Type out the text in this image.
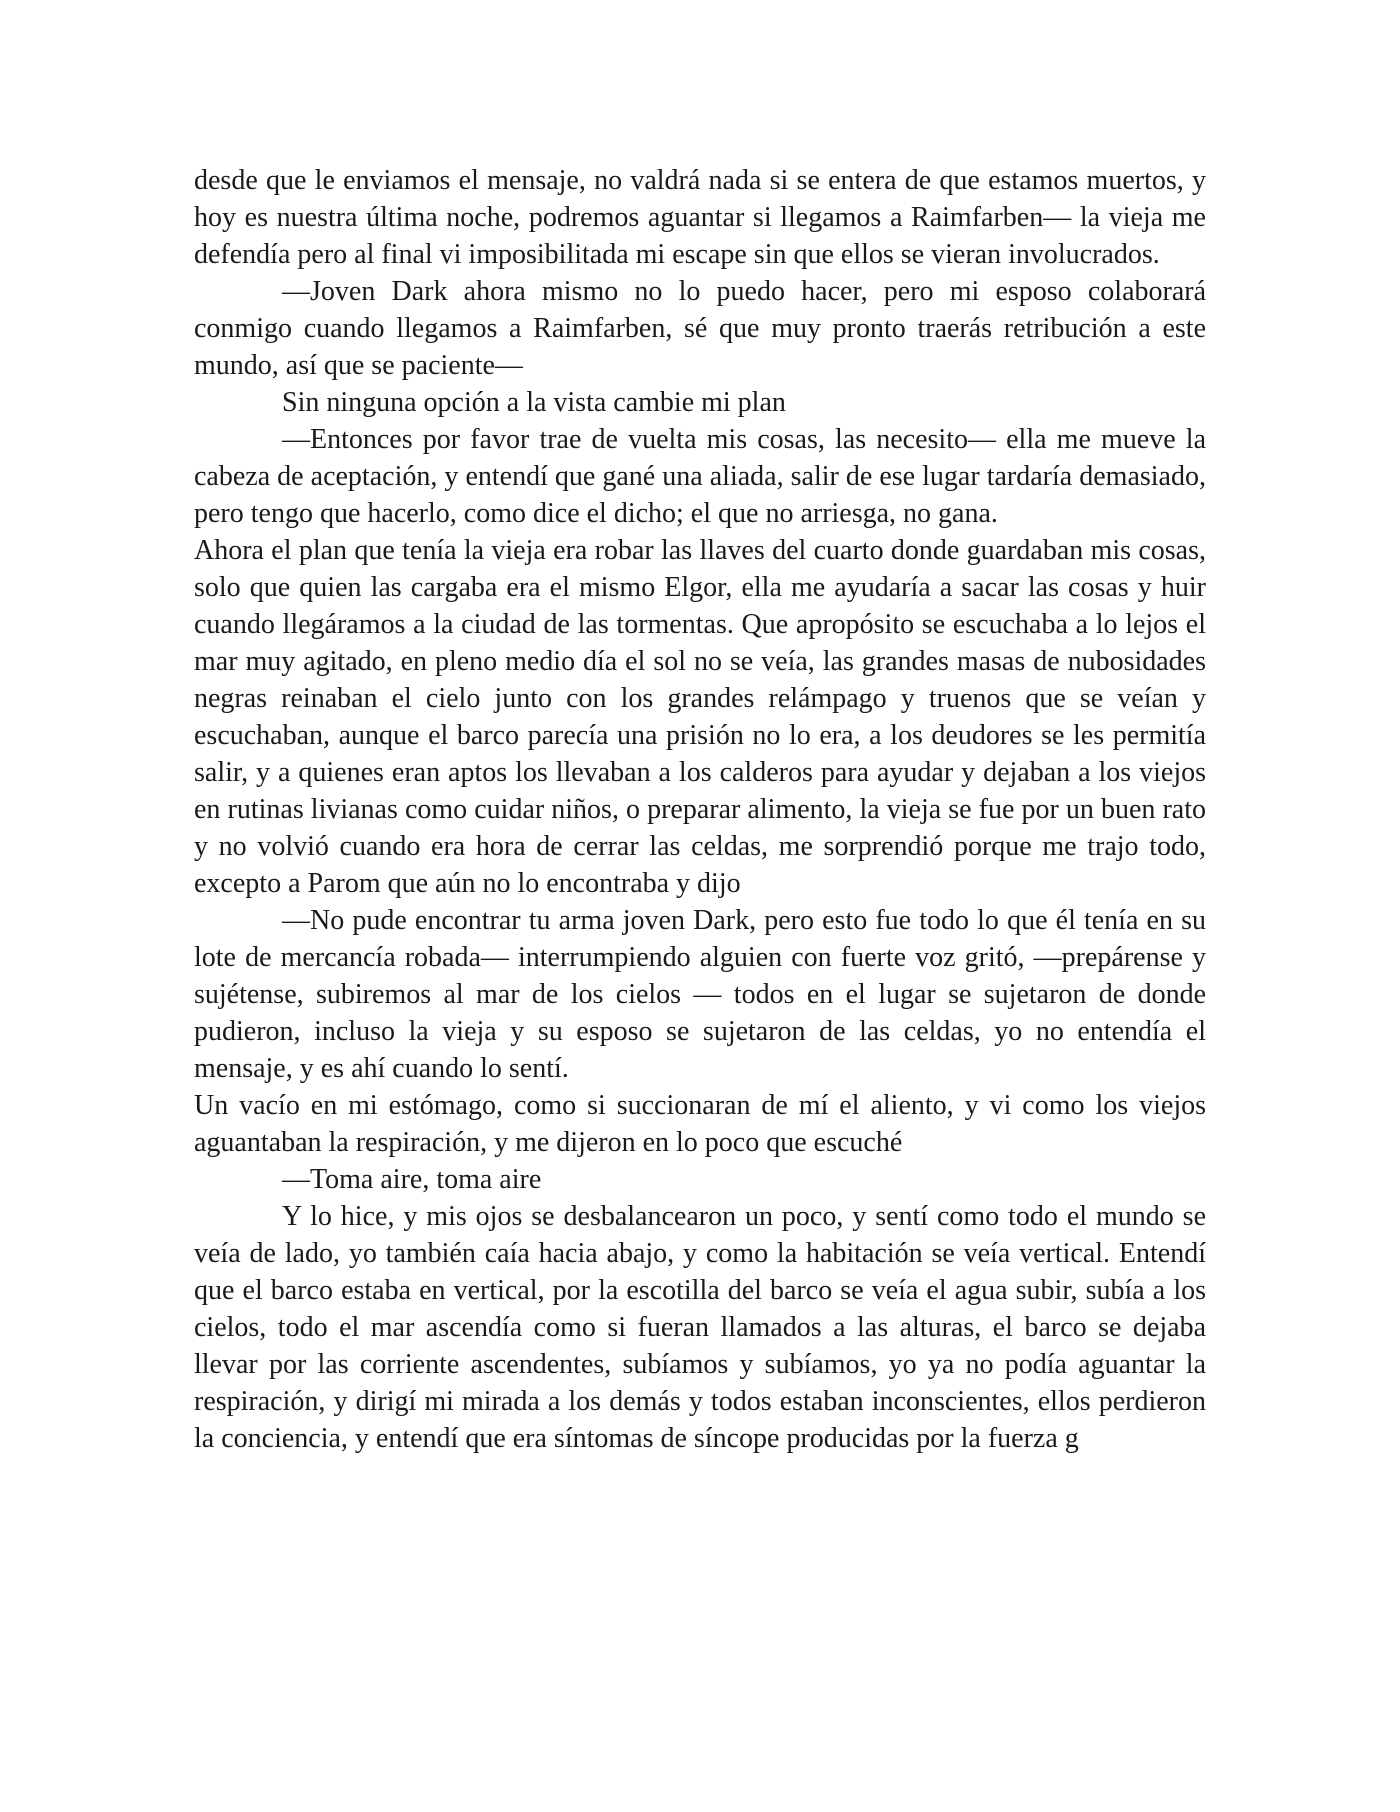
desde que le enviamos el mensaje, no valdrá nada si se entera de que estamos muertos, y hoy es nuestra última noche, podremos aguantar si llegamos a Raimfarben— la vieja me defendía pero al final vi imposibilitada mi escape sin que ellos se vieran involucrados.

—Joven Dark ahora mismo no lo puedo hacer, pero mi esposo colaborará conmigo cuando llegamos a Raimfarben, sé que muy pronto traerás retribución a este mundo, así que se paciente—

Sin ninguna opción a la vista cambie mi plan

—Entonces por favor trae de vuelta mis cosas, las necesito— ella me mueve la cabeza de aceptación, y entendí que gané una aliada, salir de ese lugar tardaría demasiado, pero tengo que hacerlo, como dice el dicho; el que no arriesga, no gana.

Ahora el plan que tenía la vieja era robar las llaves del cuarto donde guardaban mis cosas, solo que quien las cargaba era el mismo Elgor, ella me ayudaría a sacar las cosas y huir cuando llegáramos a la ciudad de las tormentas. Que apropósito se escuchaba a lo lejos el mar muy agitado, en pleno medio día el sol no se veía, las grandes masas de nubosidades negras reinaban el cielo junto con los grandes relámpago y truenos que se veían y escuchaban, aunque el barco parecía una prisión no lo era, a los deudores se les permitía salir, y a quienes eran aptos los llevaban a los calderos para ayudar y dejaban a los viejos en rutinas livianas como cuidar niños, o preparar alimento, la vieja se fue por un buen rato y no volvió cuando era hora de cerrar las celdas, me sorprendió porque me trajo todo, excepto a Parom que aún no lo encontraba y dijo

—No pude encontrar tu arma joven Dark, pero esto fue todo lo que él tenía en su lote de mercancía robada— interrumpiendo alguien con fuerte voz gritó, —prepárense y sujétense, subiremos al mar de los cielos — todos en el lugar se sujetaron de donde pudieron, incluso la vieja y su esposo se sujetaron de las celdas, yo no entendía el mensaje, y es ahí cuando lo sentí.

Un vacío en mi estómago, como si succionaran de mí el aliento, y vi como los viejos aguantaban la respiración, y me dijeron en lo poco que escuché

—Toma aire, toma aire

Y lo hice, y mis ojos se desbalancearon un poco, y sentí como todo el mundo se veía de lado, yo también caía hacia abajo, y como la habitación se veía vertical. Entendí que el barco estaba en vertical, por la escotilla del barco se veía el agua subir, subía a los cielos, todo el mar ascendía como si fueran llamados a las alturas, el barco se dejaba llevar por las corriente ascendentes, subíamos y subíamos, yo ya no podía aguantar la respiración, y dirigí mi mirada a los demás y todos estaban inconscientes, ellos perdieron la conciencia, y entendí que era síntomas de síncope producidas por la fuerza g
